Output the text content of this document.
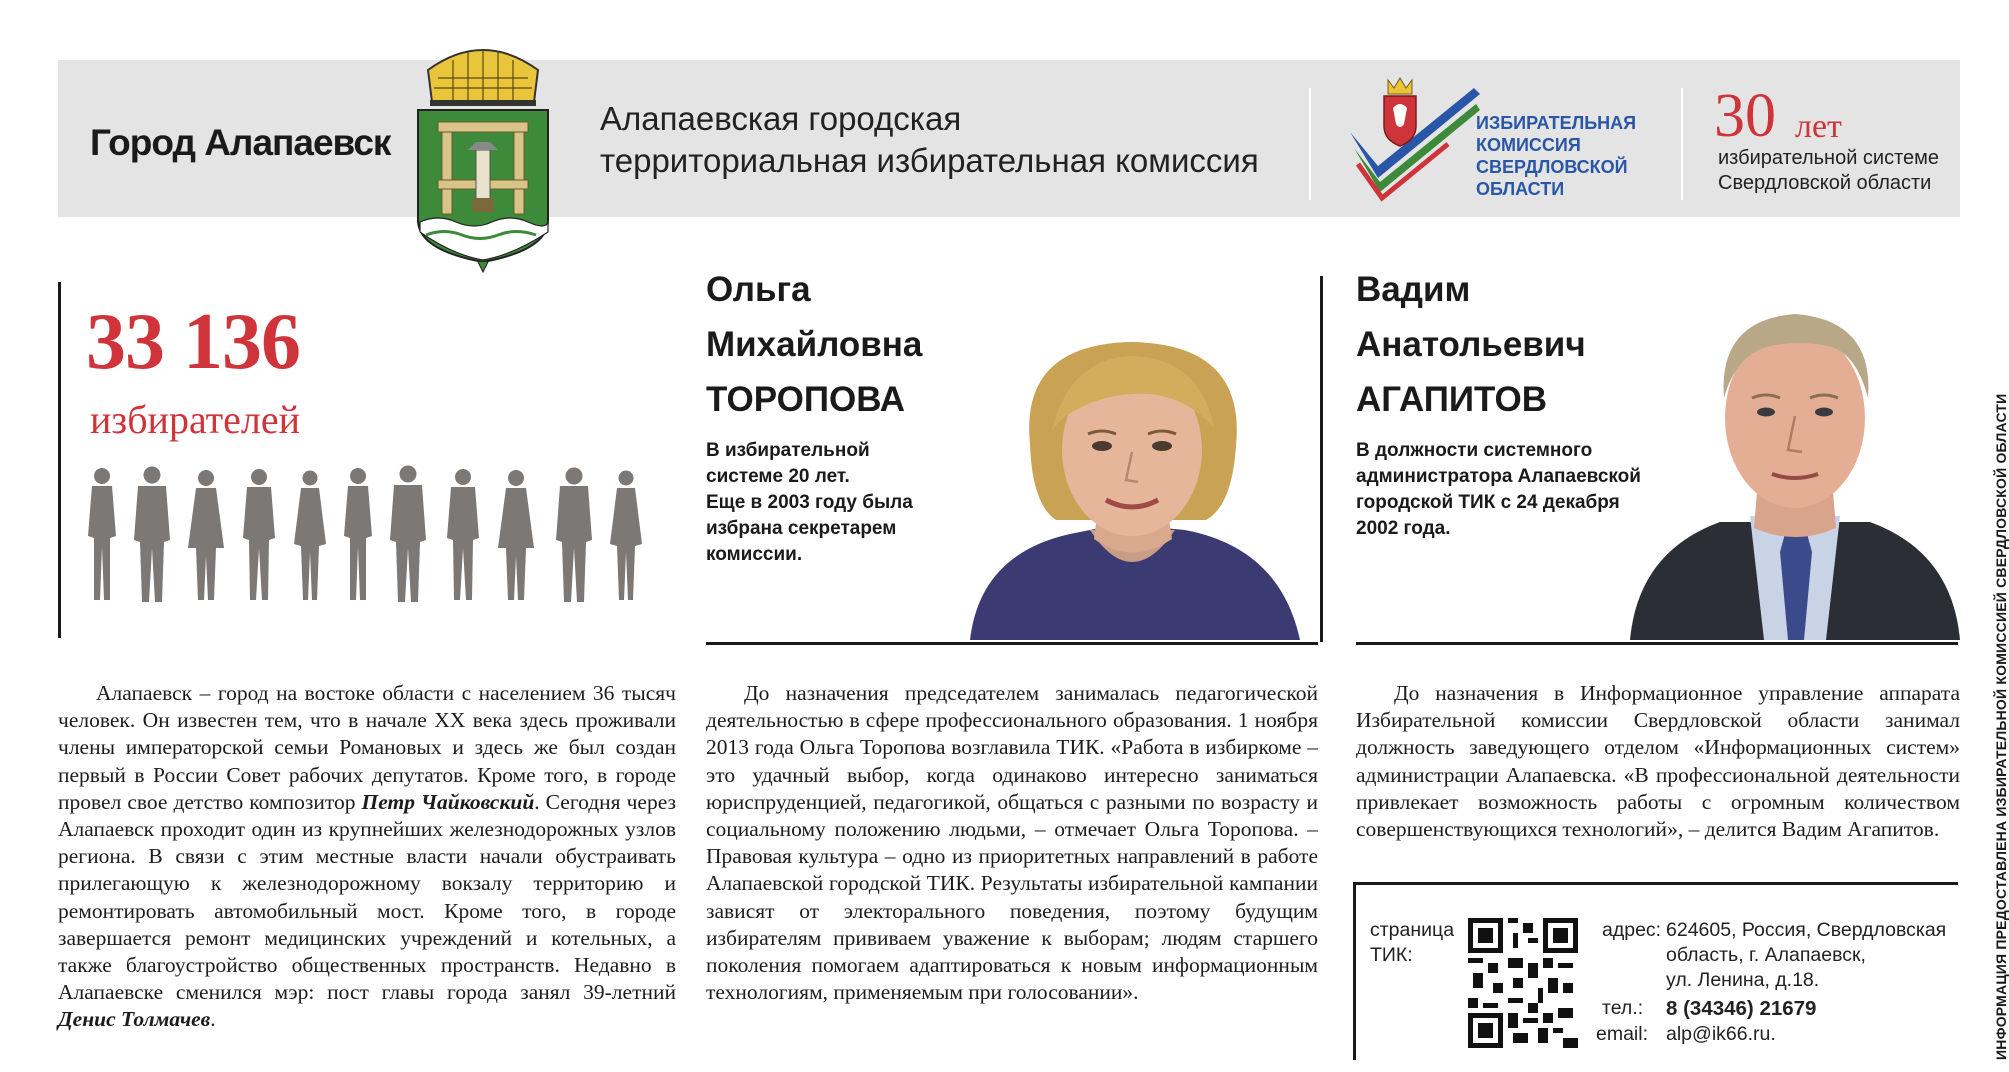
Город Алапаевск
Алапаевская городская
территориальная избирательная комиссия
ИЗБИРАТЕЛЬНАЯ
КОМИССИЯ
СВЕРДЛОВСКОЙ
ОБЛАСТИ
30 лет
избирательной системе
Свердловской области
33 136
избирателей
Ольга
Михайловна
ТОРОПОВА
В избирательной
системе 20 лет.
Еще в 2003 году была
избрана секретарем
комиссии.
Вадим
Анатольевич
АГАПИТОВ
В должности системного
администратора Алапаевской
городской ТИК с 24 декабря
2002 года.

Алапаевск – город на востоке области с населением 36 тысяч человек. Он известен тем, что в начале XX века здесь проживали члены императорской семьи Романовых и здесь же был создан первый в России Совет рабочих депутатов. Кроме того, в городе провел свое детство композитор Петр Чайковский. Сегодня через Алапаевск проходит один из крупнейших железнодорожных узлов региона. В связи с этим местные власти начали обустраивать прилегающую к железнодорожному вокзалу территорию и ремонтировать автомобильный мост. Кроме того, в городе завершается ремонт медицинских учреждений и котельных, а также благоустройство общественных пространств. Недавно в Алапаевске сменился мэр: пост главы города занял 39-летний Денис Толмачев.

До назначения председателем занималась педагогической деятельностью в сфере профессионального образования. 1 ноября 2013 года Ольга Торопова возглавила ТИК. «Работа в избиркоме – это удачный выбор, когда одинаково интересно заниматься юриспруденцией, педагогикой, общаться с разными по возрасту и социальному положению людьми, – отмечает Ольга Торопова. – Правовая культура – одно из приоритетных направлений в работе Алапаевской городской ТИК. Результаты избирательной кампании зависят от электорального поведения, поэтому будущим избирателям прививаем уважение к выборам; людям старшего поколения помогаем адаптироваться к новым информационным технологиям, применяемым при голосовании».

До назначения в Информационное управление аппарата Избирательной комиссии Свердловской области занимал должность заведующего отделом «Информационных систем» администрации Алапаевска. «В профессиональной деятельности привлекает возможность работы с огромным количеством совершенствующихся технологий», – делится Вадим Агапитов.

страница
ТИК:
адрес: 624605, Россия, Свердловская
область, г. Алапаевск,
ул. Ленина, д.18.
тел.: 8 (34346) 21679
email: alp@ik66.ru.	ИНФОРМАЦИЯ ПРЕДОСТАВЛЕНА ИЗБИРАТЕЛЬНОЙ КОМИССИЕЙ СВЕРДЛОВСКОЙ ОБЛАСТИ
